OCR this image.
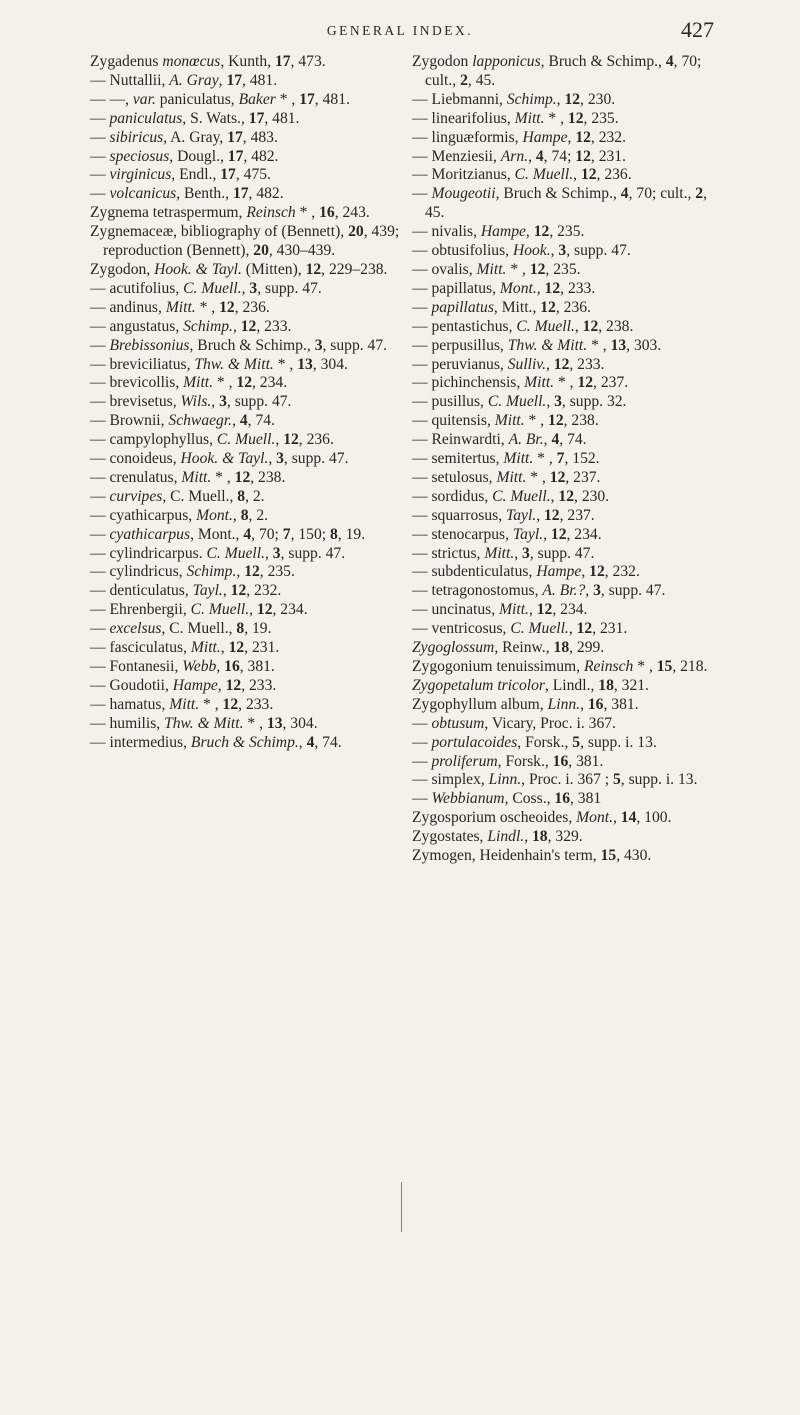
GENERAL INDEX.	427
Zygadenus monœcus, Kunth, 17, 473.
— Nuttallii, A. Gray, 17, 481.
— —, var. paniculatus, Baker * , 17, 481.
— paniculatus, S. Wats., 17, 481.
— sibiricus, A. Gray, 17, 483.
— speciosus, Dougl., 17, 482.
— virginicus, Endl., 17, 475.
— volcanicus, Benth., 17, 482.
Zygnema tetraspermum, Reinsch * , 16, 243.
Zygnemaceæ, bibliography of (Bennett), 20, 439; reproduction (Bennett), 20, 430–439.
Zygodon, Hook. & Tayl. (Mitten), 12, 229–238.
— acutifolius, C. Muell., 3, supp. 47.
— andinus, Mitt. * , 12, 236.
— angustatus, Schimp., 12, 233.
— Brebissonius, Bruch & Schimp., 3, supp. 47.
— breviciliatus, Thw. & Mitt. * , 13, 304.
— brevicollis, Mitt. * , 12, 234.
— brevisetus, Wils., 3, supp. 47.
— Brownii, Schwaegr., 4, 74.
— campylophyllus, C. Muell., 12, 236.
— conoideus, Hook. & Tayl., 3, supp. 47.
— crenulatus, Mitt. * , 12, 238.
— curvipes, C. Muell., 8, 2.
— cyathicarpus, Mont., 8, 2.
— cyathicarpus, Mont., 4, 70; 7, 150; 8, 19.
— cylindricarpus. C. Muell., 3, supp. 47.
— cylindricus, Schimp., 12, 235.
— denticulatus, Tayl., 12, 232.
— Ehrenbergii, C. Muell., 12, 234.
— excelsus, C. Muell., 8, 19.
— fasciculatus, Mitt., 12, 231.
— Fontanesii, Webb, 16, 381.
— Goudotii, Hampe, 12, 233.
— hamatus, Mitt. * , 12, 233.
— humilis, Thw. & Mitt. * , 13, 304.
— intermedius, Bruch & Schimp., 4, 74.
Zygodon lapponicus, Bruch & Schimp., 4, 70; cult., 2, 45.
— Liebmanni, Schimp., 12, 230.
— linearifolius, Mitt. * , 12, 235.
— linguæformis, Hampe, 12, 232.
— Menziesii, Arn., 4, 74; 12, 231.
— Moritzianus, C. Muell., 12, 236.
— Mougeotii, Bruch & Schimp., 4, 70; cult., 2, 45.
— nivalis, Hampe, 12, 235.
— obtusifolius, Hook., 3, supp. 47.
— ovalis, Mitt. * , 12, 235.
— papillatus, Mont., 12, 233.
— papillatus, Mitt., 12, 236.
— pentastichus, C. Muell., 12, 238.
— perpusillus, Thw. & Mitt. * , 13, 303.
— peruvianus, Sulliv., 12, 233.
— pichinchensis, Mitt. * , 12, 237.
— pusillus, C. Muell., 3, supp. 32.
— quitensis, Mitt. * , 12, 238.
— Reinwardti, A. Br., 4, 74.
— semitertus, Mitt. * , 7, 152.
— setulosus, Mitt. * , 12, 237.
— sordidus, C. Muell., 12, 230.
— squarrosus, Tayl., 12, 237.
— stenocarpus, Tayl., 12, 234.
— strictus, Mitt., 3, supp. 47.
— subdenticulatus, Hampe, 12, 232.
— tetragonostomus, A. Br.?, 3, supp. 47.
— uncinatus, Mitt., 12, 234.
— ventricosus, C. Muell., 12, 231.
Zygoglossum, Reinw., 18, 299.
Zygogonium tenuissimum, Reinsch * , 15, 218.
Zygopetalum tricolor, Lindl., 18, 321.
Zygophyllum album, Linn., 16, 381.
— obtusum, Vicary, Proc. i. 367.
— portulacoides, Forsk., 5, supp. i. 13.
— proliferum, Forsk., 16, 381.
— simplex, Linn., Proc. i. 367 ; 5, supp. i. 13.
— Webbianum, Coss., 16, 381
Zygosporium oscheoides, Mont., 14, 100.
Zygostates, Lindl., 18, 329.
Zymogen, Heidenhain's term, 15, 430.
